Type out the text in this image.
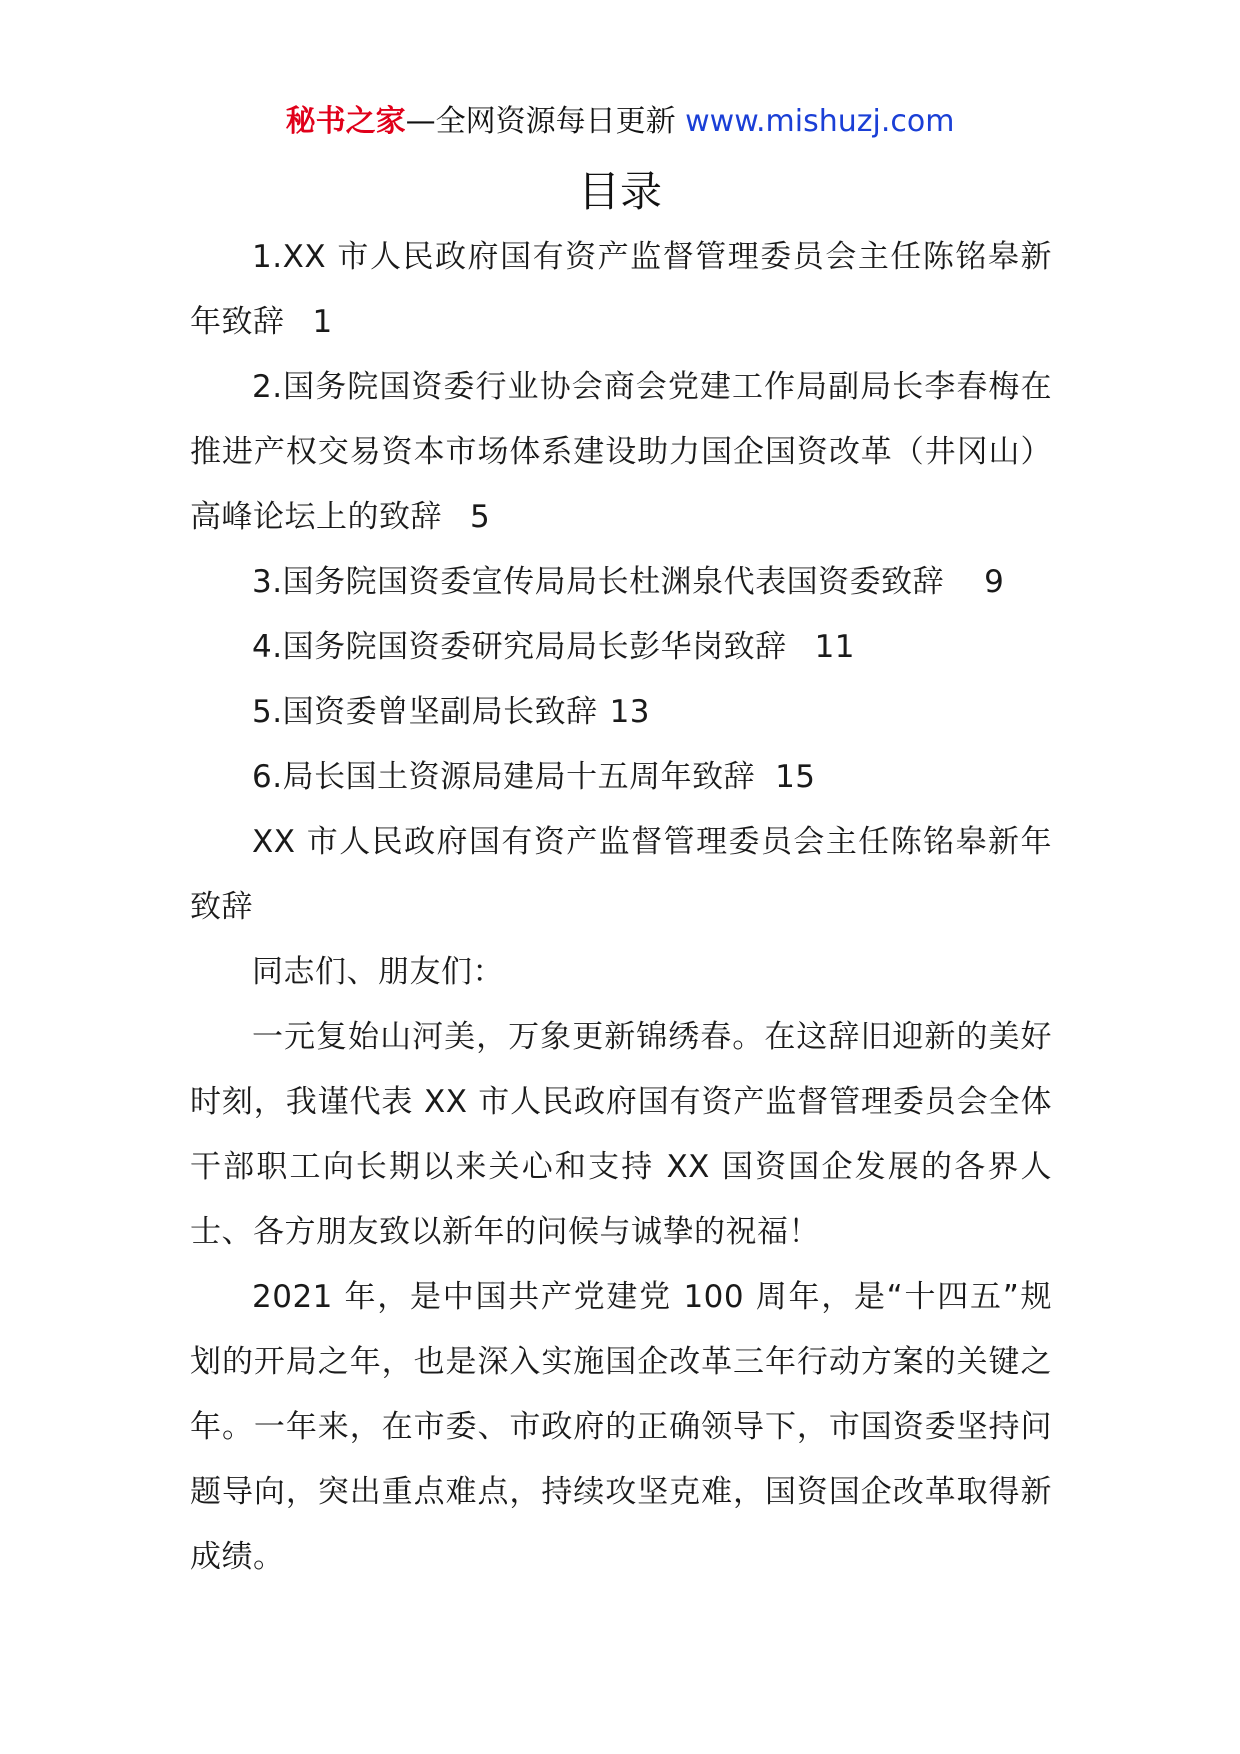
秘书之家—全网资源每日更新 www.mishuzj.com
目录

1.XX 市人民政府国有资产监督管理委员会主任陈铭皋新年致辞 1

2.国务院国资委行业协会商会党建工作局副局长李春梅在推进产权交易资本市场体系建设助力国企国资改革（井冈山）高峰论坛上的致辞 5

3.国务院国资委宣传局局长杜渊泉代表国资委致辞 9

4.国务院国资委研究局局长彭华岗致辞 11

5.国资委曾坚副局长致辞 13

6.局长国土资源局建局十五周年致辞 15

XX 市人民政府国有资产监督管理委员会主任陈铭皋新年致辞

同志们、朋友们：

一元复始山河美，万象更新锦绣春。在这辞旧迎新的美好时刻，我谨代表 XX 市人民政府国有资产监督管理委员会全体干部职工向长期以来关心和支持 XX 国资国企发展的各界人士、各方朋友致以新年的问候与诚挚的祝福！

2021 年，是中国共产党建党 100 周年，是“十四五”规划的开局之年，也是深入实施国企改革三年行动方案的关键之年。一年来，在市委、市政府的正确领导下，市国资委坚持问题导向，突出重点难点，持续攻坚克难，国资国企改革取得新成绩。
